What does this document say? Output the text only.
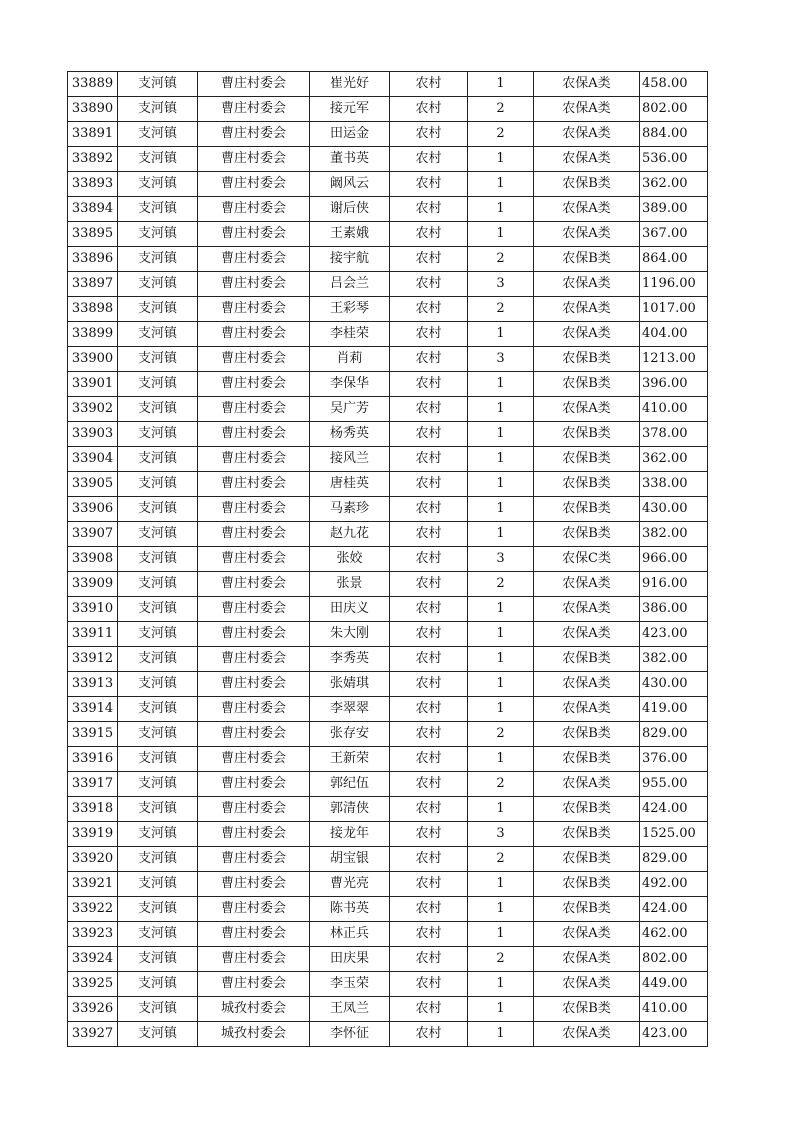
33889	支河镇	曹庄村委会	崔光好	农村	1	农保A类	458.00
33890	支河镇	曹庄村委会	接元军	农村	2	农保A类	802.00
33891	支河镇	曹庄村委会	田运金	农村	2	农保A类	884.00
33892	支河镇	曹庄村委会	董书英	农村	1	农保A类	536.00
33893	支河镇	曹庄村委会	阚风云	农村	1	农保B类	362.00
33894	支河镇	曹庄村委会	谢后侠	农村	1	农保A类	389.00
33895	支河镇	曹庄村委会	王素娥	农村	1	农保A类	367.00
33896	支河镇	曹庄村委会	接宇航	农村	2	农保B类	864.00
33897	支河镇	曹庄村委会	吕会兰	农村	3	农保A类	1196.00
33898	支河镇	曹庄村委会	王彩琴	农村	2	农保A类	1017.00
33899	支河镇	曹庄村委会	李桂荣	农村	1	农保A类	404.00
33900	支河镇	曹庄村委会	肖莉	农村	3	农保B类	1213.00
33901	支河镇	曹庄村委会	李保华	农村	1	农保B类	396.00
33902	支河镇	曹庄村委会	吴广芳	农村	1	农保A类	410.00
33903	支河镇	曹庄村委会	杨秀英	农村	1	农保B类	378.00
33904	支河镇	曹庄村委会	接风兰	农村	1	农保B类	362.00
33905	支河镇	曹庄村委会	唐桂英	农村	1	农保B类	338.00
33906	支河镇	曹庄村委会	马素珍	农村	1	农保B类	430.00
33907	支河镇	曹庄村委会	赵九花	农村	1	农保B类	382.00
33908	支河镇	曹庄村委会	张姣	农村	3	农保C类	966.00
33909	支河镇	曹庄村委会	张景	农村	2	农保A类	916.00
33910	支河镇	曹庄村委会	田庆义	农村	1	农保A类	386.00
33911	支河镇	曹庄村委会	朱大刚	农村	1	农保A类	423.00
33912	支河镇	曹庄村委会	李秀英	农村	1	农保B类	382.00
33913	支河镇	曹庄村委会	张婧琪	农村	1	农保A类	430.00
33914	支河镇	曹庄村委会	李翠翠	农村	1	农保A类	419.00
33915	支河镇	曹庄村委会	张存安	农村	2	农保B类	829.00
33916	支河镇	曹庄村委会	王新荣	农村	1	农保B类	376.00
33917	支河镇	曹庄村委会	郭纪伍	农村	2	农保A类	955.00
33918	支河镇	曹庄村委会	郭清侠	农村	1	农保B类	424.00
33919	支河镇	曹庄村委会	接龙年	农村	3	农保B类	1525.00
33920	支河镇	曹庄村委会	胡宝银	农村	2	农保B类	829.00
33921	支河镇	曹庄村委会	曹光亮	农村	1	农保B类	492.00
33922	支河镇	曹庄村委会	陈书英	农村	1	农保B类	424.00
33923	支河镇	曹庄村委会	林正兵	农村	1	农保A类	462.00
33924	支河镇	曹庄村委会	田庆果	农村	2	农保A类	802.00
33925	支河镇	曹庄村委会	李玉荣	农村	1	农保A类	449.00
33926	支河镇	城孜村委会	王凤兰	农村	1	农保B类	410.00
33927	支河镇	城孜村委会	李怀征	农村	1	农保A类	423.00
